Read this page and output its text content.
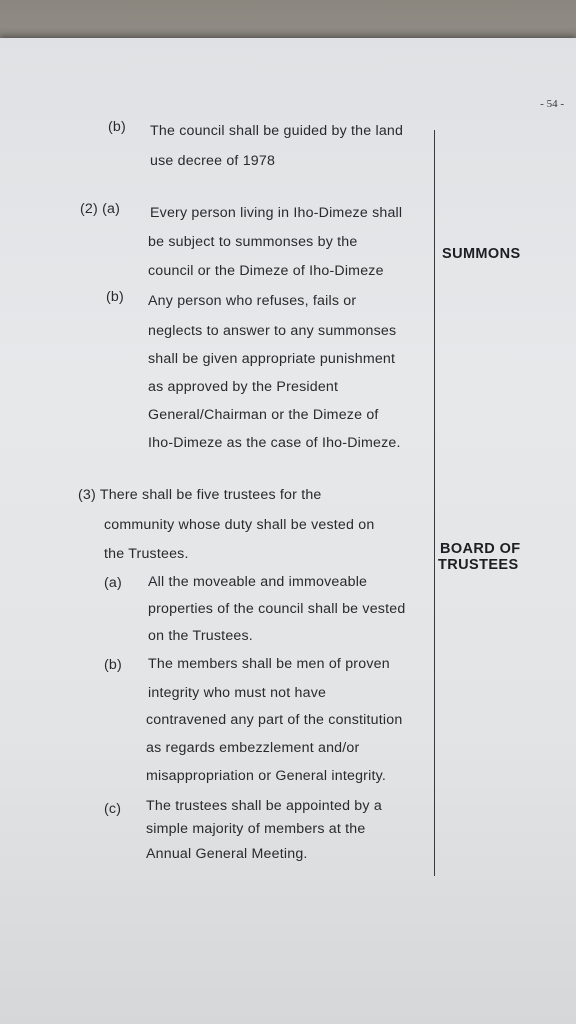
- 54 -
(b) The council shall be guided by the land
use decree of 1978
(2) (a) Every person living in Iho-Dimeze shall
be subject to summonses by the
council or the Dimeze of Iho-Dimeze
SUMMONS
(b) Any person who refuses, fails or
neglects to answer to any summonses
shall be given appropriate punishment
as approved by the President
General/Chairman or the Dimeze of
Iho-Dimeze as the case of Iho-Dimeze.
(3) There shall be five trustees for the
community whose duty shall be vested on
the Trustees.	BOARD OF
TRUSTEES
(a) All the moveable and immoveable
properties of the council shall be vested
on the Trustees.
(b) The members shall be men of proven
integrity who must not have
contravened any part of the constitution
as regards embezzlement and/or
misappropriation or General integrity.
(c) The trustees shall be appointed by a
simple majority of members at the
Annual General Meeting.
